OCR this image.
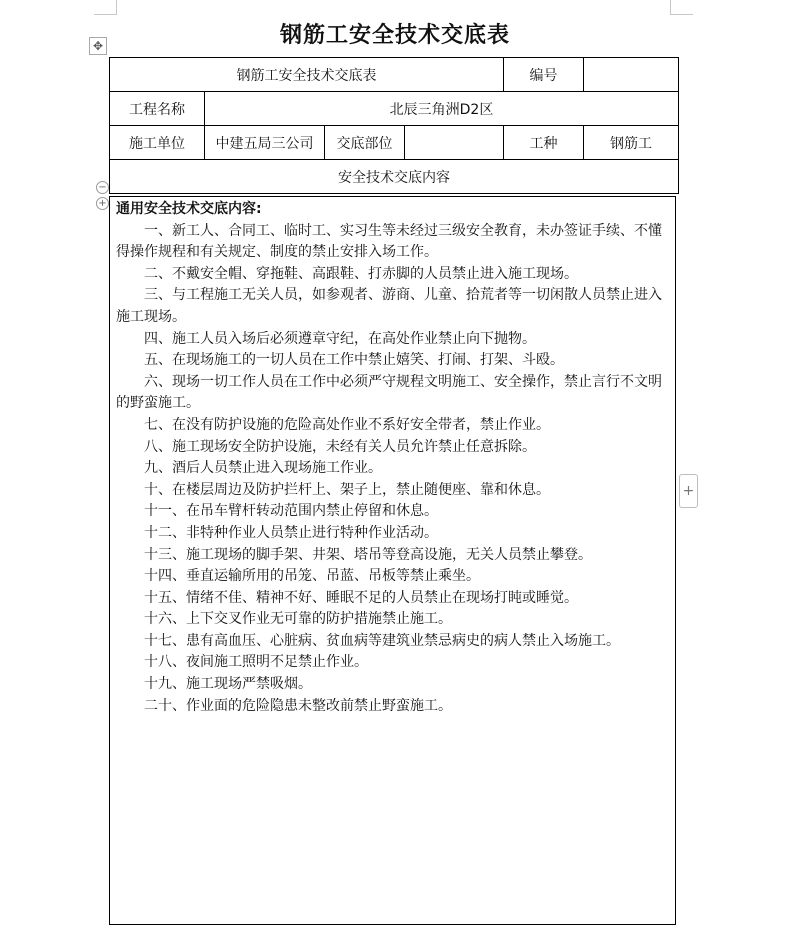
✥
−
+
+
钢筋工安全技术交底表
钢筋工安全技术交底表				编号	
工程名称	北辰三角洲D2区				
施工单位	中建五局三公司	交底部位		工种	钢筋工
安全技术交底内容					
通用安全技术交底内容:

一、新工人、合同工、临时工、实习生等未经过三级安全教育，未办签证手续、不懂得操作规程和有关规定、制度的禁止安排入场工作。

二、不戴安全帽、穿拖鞋、高跟鞋、打赤脚的人员禁止进入施工现场。

三、与工程施工无关人员，如参观者、游商、儿童、拾荒者等一切闲散人员禁止进入施工现场。

四、施工人员入场后必须遵章守纪，在高处作业禁止向下抛物。

五、在现场施工的一切人员在工作中禁止嬉笑、打闹、打架、斗殴。

六、现场一切工作人员在工作中必须严守规程文明施工、安全操作，禁止言行不文明的野蛮施工。

七、在没有防护设施的危险高处作业不系好安全带者，禁止作业。

八、施工现场安全防护设施，未经有关人员允许禁止任意拆除。

九、酒后人员禁止进入现场施工作业。

十、在楼层周边及防护拦杆上、架子上，禁止随便座、靠和休息。

十一、在吊车臂杆转动范围内禁止停留和休息。

十二、非特种作业人员禁止进行特种作业活动。

十三、施工现场的脚手架、井架、塔吊等登高设施，无关人员禁止攀登。

十四、垂直运输所用的吊笼、吊蓝、吊板等禁止乘坐。

十五、情绪不佳、精神不好、睡眠不足的人员禁止在现场打盹或睡觉。

十六、上下交叉作业无可靠的防护措施禁止施工。

十七、患有高血压、心脏病、贫血病等建筑业禁忌病史的病人禁止入场施工。

十八、夜间施工照明不足禁止作业。

十九、施工现场严禁吸烟。

二十、作业面的危险隐患未整改前禁止野蛮施工。
